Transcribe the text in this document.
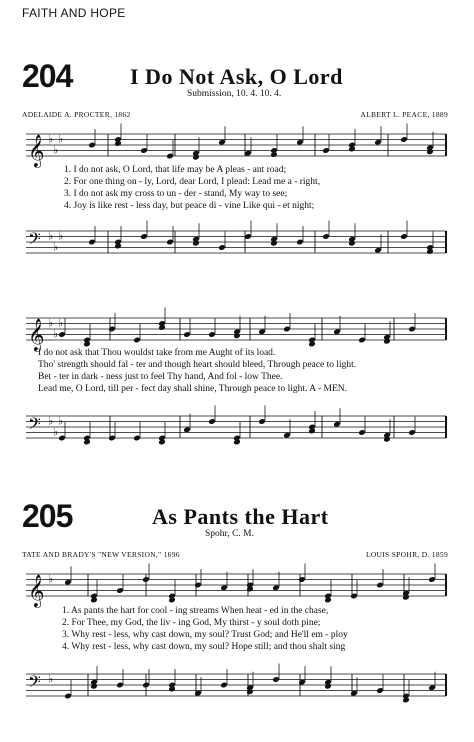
FAITH AND HOPE
204	I Do Not Ask, O Lord
Submission, 10. 4. 10. 4.
ADELAIDE A. PROCTER, 1862	ALBERT L. PEACE, 1889
𝄞 ♭
♭
♭
1. I do not ask, O Lord, that life may be A pleas - ant road;
2. For one thing on - ly, Lord, dear Lord, I plead: Lead me a - right,
3. I do not ask my cross to un - der - stand, My way to see;
4. Joy is like rest - less day, but peace di - vine Like qui - et night;
𝄢 ♭
♭
♭
𝄞 ♭
♭
♭
I do not ask that Thou wouldst take from me Aught of its load.
Tho' strength should fal - ter and though heart should bleed, Through peace to light.
Bet - ter in dark - ness just to feel Thy hand, And fol - low Thee.
Lead me, O Lord, till per - fect day shall shine, Through peace to light. A - MEN.
𝄢 ♭
♭
♭
205	As Pants the Hart
Spohr, C. M.
TATE AND BRADY'S "NEW VERSION," 1696	LOUIS SPOHR, D. 1859
𝄞 ♭
1. As pants the hart for cool - ing streams When heat - ed in the chase,
2. For Thee, my God, the liv - ing God, My thirst - y soul doth pine;
3. Why rest - less, why cast down, my soul? Trust God; and He'll em - ploy
4. Why rest - less, why cast down, my soul? Hope still; and thou shalt sing
𝄢 ♭
